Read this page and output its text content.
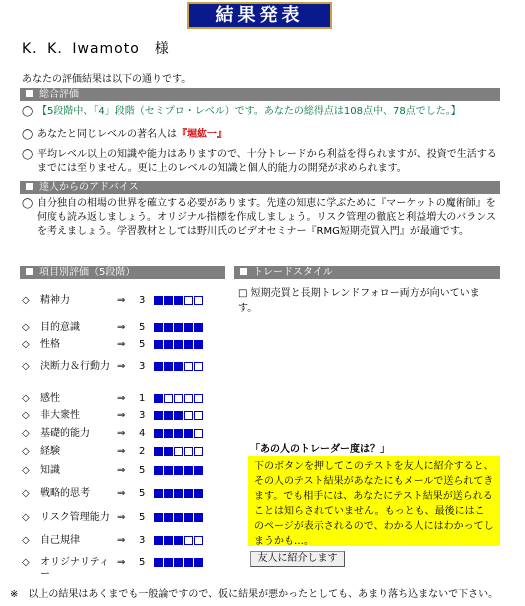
結果発表
K．K．Iwamoto　様
あなたの評価結果は以下の通りです。
総合評価
◯ 【5段階中、「4」段階（セミプロ・レベル）です。あなたの総得点は108点中、78点でした。】
◯ あなたと同じレベルの著名人は『堀紘一』
◯ 平均レベル以上の知識や能力はありますので、十分トレードから利益を得られますが、投資で生活するまでには至りません。更に上のレベルの知識と個人的能力の開発が求められます。
達人からのアドバイス
◯ 自分独自の相場の世界を確立する必要があります。先達の知恵に学ぶために『マーケットの魔術師』を何度も読み返しましょう。オリジナル指標を作成しましょう。リスク管理の徹底と利益増大のバランスを考えましょう。学習教材としては野川氏のビデオセミナー『RMG短期売買入門』が最適です。
項目別評価（5段階）
◇ 精神力	⇒ 3
◇ 目的意識	⇒ 5
◇ 性格	⇒ 5
◇ 決断力＆行動力 ⇒ 3
◇ 感性	⇒ 1
◇ 非大衆性	⇒ 3
◇ 基礎的能力	⇒ 4
◇ 経験	⇒ 2
◇ 知識	⇒ 5
◇ 戦略的思考	⇒ 5
◇ リスク管理能力 ⇒ 5
◇ 自己規律	⇒ 3
◇ オリジナリティー
⇒ 5
トレードスタイル
□ 短期売買と長期トレンドフォロー両方が向いています。
「あの人のトレーダー度は？」
下のボタンを押してこのテストを友人に紹介すると、その人のテスト結果があなたにもメールで送られてきます。でも相手には、あなたにテスト結果が送られることは知らされていません。もっとも、最後にはこのページが表示されるので、わかる人にはわかってしまうかも…。
友人に紹介します
※　以上の結果はあくまでも一般論ですので、仮に結果が悪かったとしても、あまり落ち込まないで下さい。
